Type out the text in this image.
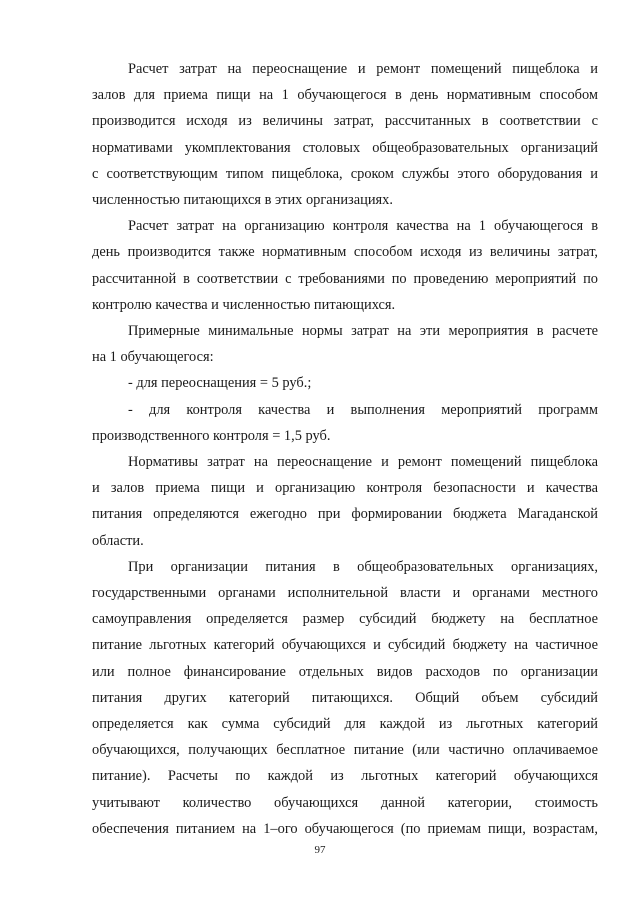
Расчет затрат на переоснащение и ремонт помещений пищеблока и
залов для приема пищи на 1 обучающегося в день нормативным способом
производится исходя из величины затрат, рассчитанных в соответствии с
нормативами укомплектования столовых общеобразовательных организаций
с соответствующим типом пищеблока, сроком службы этого оборудования и
численностью питающихся в этих организациях.

Расчет затрат на организацию контроля качества на 1 обучающегося в
день производится также нормативным способом исходя из величины затрат,
рассчитанной в соответствии с требованиями по проведению мероприятий по
контролю качества и численностью питающихся.

Примерные минимальные нормы затрат на эти мероприятия в расчете
на 1 обучающегося:

- для переоснащения = 5 руб.;

- для контроля качества и выполнения мероприятий программ
производственного контроля = 1,5 руб.

Нормативы затрат на переоснащение и ремонт помещений пищеблока
и залов приема пищи и организацию контроля безопасности и качества
питания определяются ежегодно при формировании бюджета Магаданской
области.

При организации питания в общеобразовательных организациях,
государственными органами исполнительной власти и органами местного
самоуправления определяется размер субсидий бюджету на бесплатное
питание льготных категорий обучающихся и субсидий бюджету на частичное
или полное финансирование отдельных видов расходов по организации
питания других категорий питающихся. Общий объем субсидий
определяется как сумма субсидий для каждой из льготных категорий
обучающихся, получающих бесплатное питание (или частично оплачиваемое
питание). Расчеты по каждой из льготных категорий обучающихся
учитывают количество обучающихся данной категории, стоимость
обеспечения питанием на 1–ого обучающегося (по приемам пищи, возрастам,

97
